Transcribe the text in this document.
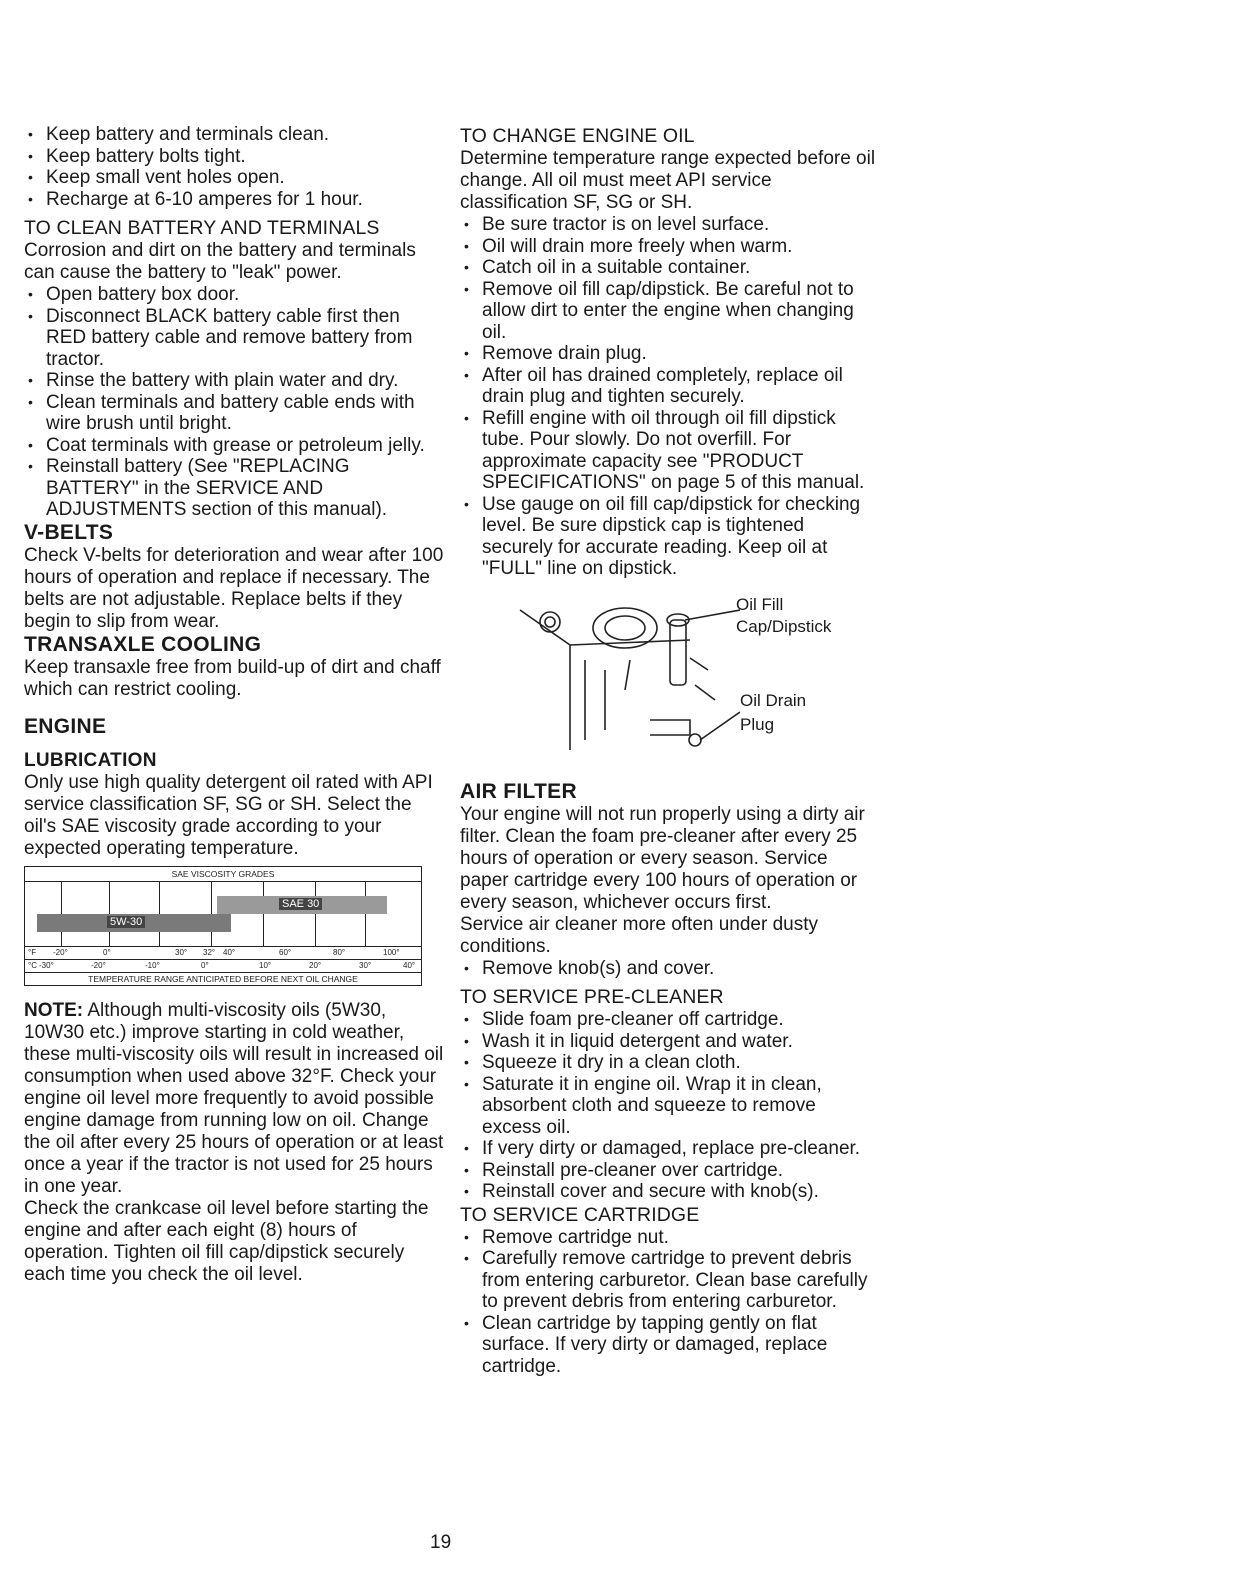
• Keep battery and terminals clean.
• Keep battery bolts tight.
• Keep small vent holes open.
• Recharge at 6-10 amperes for 1 hour.

TO CLEAN BATTERY AND TERMINALS

Corrosion and dirt on the battery and terminals can cause the battery to "leak" power.

• Open battery box door.
• Disconnect BLACK battery cable first then RED battery cable and remove battery from tractor.
• Rinse the battery with plain water and dry.
• Clean terminals and battery cable ends with wire brush until bright.
• Coat terminals with grease or petroleum jelly.
• Reinstall battery (See "REPLACING BATTERY" in the SERVICE AND ADJUSTMENTS section of this manual).

V-BELTS

Check V-belts for deterioration and wear after 100 hours of operation and replace if necessary. The belts are not adjustable. Replace belts if they begin to slip from wear.

TRANSAXLE COOLING

Keep transaxle free from build-up of dirt and chaff which can restrict cooling.

ENGINE

LUBRICATION

Only use high quality detergent oil rated with API service classification SF, SG or SH. Select the oil's SAE viscosity grade according to your expected operating temperature.

SAE VISCOSITY GRADES
5W-30
SAE 30
°F -20°	0°	30° 32° 40°	60°	80°	100°
°C -30°	-20°	-10°	0°	10°	20°	30°	40°
TEMPERATURE RANGE ANTICIPATED BEFORE NEXT OIL CHANGE

NOTE: Although multi-viscosity oils (5W30, 10W30 etc.) improve starting in cold weather, these multi-viscosity oils will result in increased oil consumption when used above 32°F. Check your engine oil level more frequently to avoid possible engine damage from running low on oil. Change the oil after every 25 hours of operation or at least once a year if the tractor is not used for 25 hours in one year.

Check the crankcase oil level before starting the engine and after each eight (8) hours of operation. Tighten oil fill cap/dipstick securely each time you check the oil level.

TO CHANGE ENGINE OIL

Determine temperature range expected before oil change. All oil must meet API service classification SF, SG or SH.

• Be sure tractor is on level surface.
• Oil will drain more freely when warm.
• Catch oil in a suitable container.
• Remove oil fill cap/dipstick. Be careful not to allow dirt to enter the engine when changing oil.
• Remove drain plug.
• After oil has drained completely, replace oil drain plug and tighten securely.
• Refill engine with oil through oil fill dipstick tube. Pour slowly. Do not overfill. For approximate capacity see "PRODUCT SPECIFICATIONS" on page 5 of this manual.
• Use gauge on oil fill cap/dipstick for checking level. Be sure dipstick cap is tightened securely for accurate reading. Keep oil at "FULL" line on dipstick.
Oil Fill
Cap/Dipstick
Oil Drain
Plug

AIR FILTER

Your engine will not run properly using a dirty air filter. Clean the foam pre-cleaner after every 25 hours of operation or every season. Service paper cartridge every 100 hours of operation or every season, whichever occurs first.

Service air cleaner more often under dusty conditions.

• Remove knob(s) and cover.

TO SERVICE PRE-CLEANER

• Slide foam pre-cleaner off cartridge.
• Wash it in liquid detergent and water.
• Squeeze it dry in a clean cloth.
• Saturate it in engine oil. Wrap it in clean, absorbent cloth and squeeze to remove excess oil.
• If very dirty or damaged, replace pre-cleaner.
• Reinstall pre-cleaner over cartridge.
• Reinstall cover and secure with knob(s).

TO SERVICE CARTRIDGE

• Remove cartridge nut.
• Carefully remove cartridge to prevent debris from entering carburetor. Clean base carefully to prevent debris from entering carburetor.
• Clean cartridge by tapping gently on flat surface. If very dirty or damaged, replace cartridge.
19
